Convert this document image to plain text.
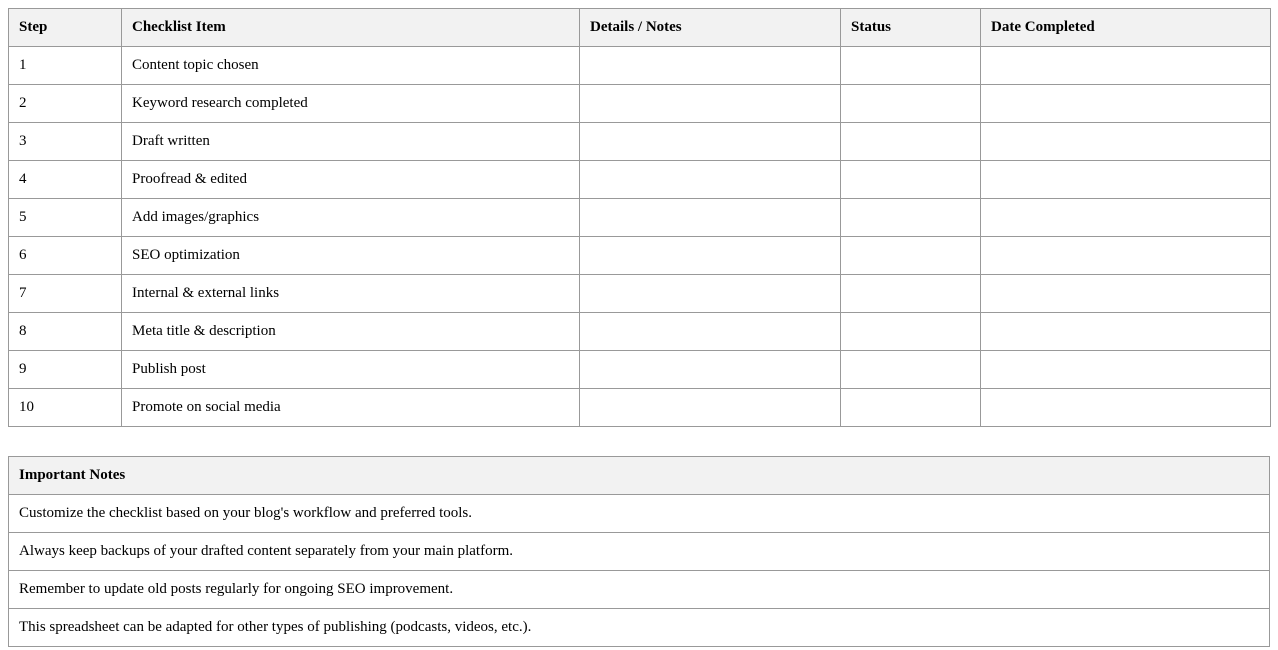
Step	Checklist Item	Details / Notes	Status	Date Completed
1	Content topic chosen			
2	Keyword research completed			
3	Draft written			
4	Proofread & edited			
5	Add images/graphics			
6	SEO optimization			
7	Internal & external links			
8	Meta title & description			
9	Publish post			
10	Promote on social media			
Important Notes
Customize the checklist based on your blog's workflow and preferred tools.
Always keep backups of your drafted content separately from your main platform.
Remember to update old posts regularly for ongoing SEO improvement.
This spreadsheet can be adapted for other types of publishing (podcasts, videos, etc.).
